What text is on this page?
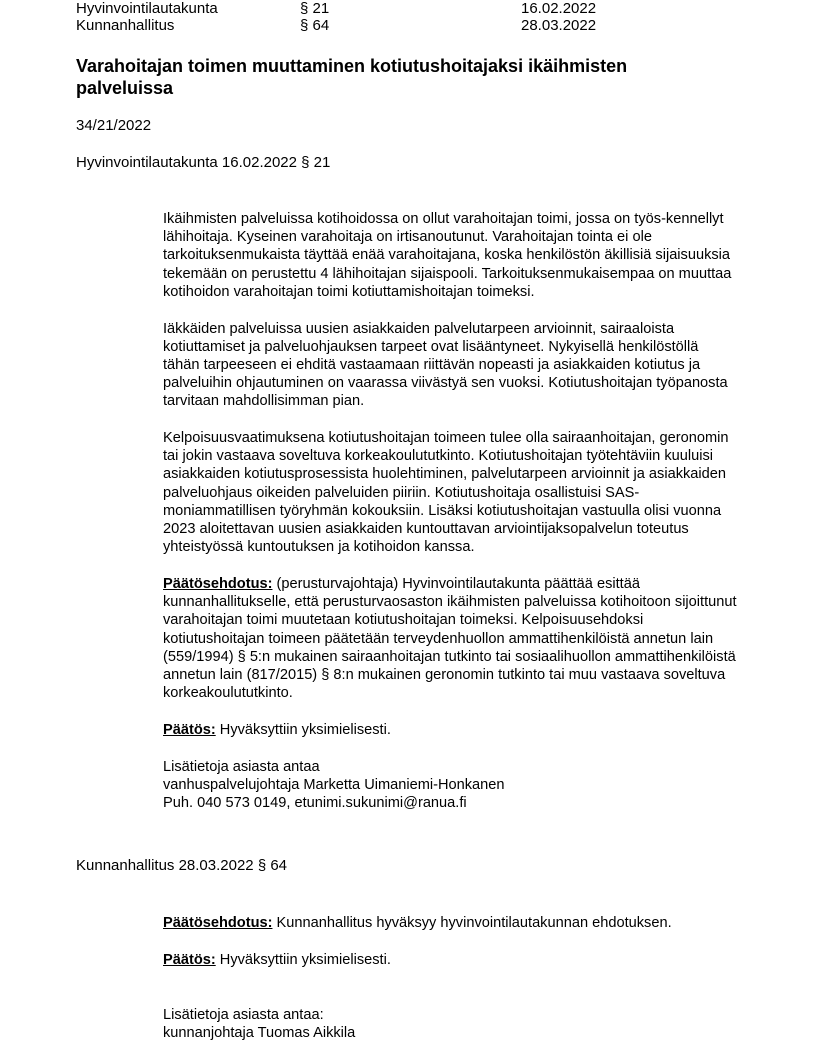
Hyvinvointilautakunta	§ 21	16.02.2022
Kunnanhallitus	§ 64	28.03.2022
Varahoitajan toimen muuttaminen kotiutushoitajaksi ikäihmisten palveluissa

34/21/2022

Hyvinvointilautakunta 16.02.2022 § 21

Ikäihmisten palveluissa kotihoidossa on ollut varahoitajan toimi, jossa on työs-kennellyt lähihoitaja. Kyseinen varahoitaja on irtisanoutunut. Varahoitajan tointa ei ole tarkoituksenmukaista täyttää enää varahoitajana, koska henkilöstön äkillisiä sijaisuuksia tekemään on perustettu 4 lähihoitajan sijaispooli. Tarkoituksenmukaisempaa on muuttaa kotihoidon varahoitajan toimi kotiuttamishoitajan toimeksi.

Iäkkäiden palveluissa uusien asiakkaiden palvelutarpeen arvioinnit, sairaaloista kotiuttamiset ja palveluohjauksen tarpeet ovat lisääntyneet. Nykyisellä henkilöstöllä tähän tarpeeseen ei ehditä vastaamaan riittävän nopeasti ja asiakkaiden kotiutus ja palveluihin ohjautuminen on vaarassa viivästyä sen vuoksi. Kotiutushoitajan työpanosta tarvitaan mahdollisimman pian.

Kelpoisuusvaatimuksena kotiutushoitajan toimeen tulee olla sairaanhoitajan, geronomin tai jokin vastaava soveltuva korkeakoulututkinto. Kotiutushoitajan työtehtäviin kuuluisi asiakkaiden kotiutusprosessista huolehtiminen, palvelutarpeen arvioinnit ja asiakkaiden palveluohjaus oikeiden palveluiden piiriin. Kotiutushoitaja osallistuisi SAS- moniammatillisen työryhmän kokouksiin. Lisäksi kotiutushoitajan vastuulla olisi vuonna 2023 aloitettavan uusien asiakkaiden kuntouttavan arviointijaksopalvelun toteutus yhteistyössä kuntoutuksen ja kotihoidon kanssa.

Päätösehdotus: (perusturvajohtaja) Hyvinvointilautakunta päättää esittää kunnanhallitukselle, että perusturvaosaston ikäihmisten palveluissa kotihoitoon sijoittunut varahoitajan toimi muutetaan kotiutushoitajan toimeksi. Kelpoisuusehdoksi kotiutushoitajan toimeen päätetään terveydenhuollon ammattihenkilöistä annetun lain (559/1994) § 5:n mukainen sairaanhoitajan tutkinto tai sosiaalihuollon ammattihenkilöistä annetun lain (817/2015) § 8:n mukainen geronomin tutkinto tai muu vastaava soveltuva korkeakoulututkinto.

Päätös: Hyväksyttiin yksimielisesti.

Lisätietoja asiasta antaa
vanhuspalvelujohtaja Marketta Uimaniemi-Honkanen
Puh. 040 573 0149, etunimi.sukunimi@ranua.fi

Kunnanhallitus 28.03.2022 § 64

Päätösehdotus: Kunnanhallitus hyväksyy hyvinvointilautakunnan ehdotuksen.

Päätös: Hyväksyttiin yksimielisesti.

Lisätietoja asiasta antaa:
kunnanjohtaja Tuomas Aikkila
